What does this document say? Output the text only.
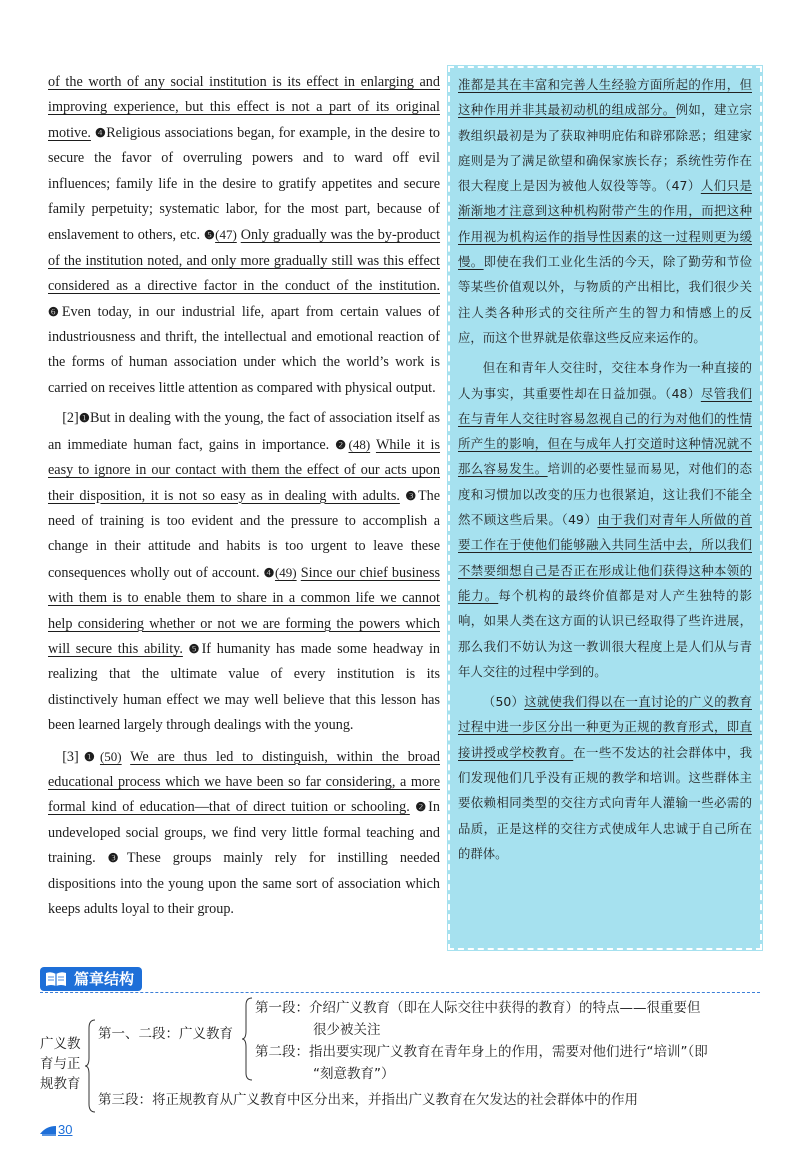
of the worth of any social institution is its effect in enlarging and improving experience, but this effect is not a part of its original motive. ❹Religious associations began, for example, in the desire to secure the favor of overruling powers and to ward off evil influences; family life in the desire to gratify appetites and secure family perpetuity; systematic labor, for the most part, because of enslavement to others, etc. ❺(47) Only gradually was the by-product of the institution noted, and only more gradually still was this effect considered as a directive factor in the conduct of the institution. ❻Even today, in our industrial life, apart from certain values of industriousness and thrift, the intellectual and emotional reaction of the forms of human association under which the world’s work is carried on receives little attention as compared with physical output.

 [2]❶But in dealing with the young, the fact of association itself as an immediate human fact, gains in importance. ❷(48) While it is easy to ignore in our contact with them the effect of our acts upon their disposition, it is not so easy as in dealing with adults. ❸The need of training is too evident and the pressure to accomplish a change in their attitude and habits is too urgent to leave these consequences wholly out of account. ❹(49) Since our chief business with them is to enable them to share in a common life we cannot help considering whether or not we are forming the powers which will secure this ability. ❺If humanity has made some headway in realizing that the ultimate value of every institution is its distinctively human effect we may well believe that this lesson has been learned largely through dealings with the young.

 [3]❶(50) We are thus led to distinguish, within the broad educational process which we have been so far considering, a more formal kind of education—that of direct tuition or schooling. ❷In undeveloped social groups, we find very little formal teaching and training. ❸These groups mainly rely for instilling needed dispositions into the young upon the same sort of association which keeps adults loyal to their group.

准都是其在丰富和完善人生经验方面所起的作用，但这种作用并非其最初动机的组成部分。例如，建立宗教组织最初是为了获取神明庇佑和辟邪除恶；组建家庭则是为了满足欲望和确保家族长存；系统性劳作在很大程度上是因为被他人奴役等等。（47）人们只是渐渐地才注意到这种机构附带产生的作用，而把这种作用视为机构运作的指导性因素的这一过程则更为缓慢。即使在我们工业化生活的今天，除了勤劳和节俭等某些价值观以外，与物质的产出相比，我们很少关注人类各种形式的交往所产生的智力和情感上的反应，而这个世界就是依靠这些反应来运作的。

但在和青年人交往时，交往本身作为一种直接的人为事实，其重要性却在日益加强。（48）尽管我们在与青年人交往时容易忽视自己的行为对他们的性情所产生的影响，但在与成年人打交道时这种情况就不那么容易发生。培训的必要性显而易见，对他们的态度和习惯加以改变的压力也很紧迫，这让我们不能全然不顾这些后果。（49）由于我们对青年人所做的首要工作在于使他们能够融入共同生活中去，所以我们不禁要细想自己是否正在形成让他们获得这种本领的能力。每个机构的最终价值都是对人产生独特的影响，如果人类在这方面的认识已经取得了些许进展，那么我们不妨认为这一教训很大程度上是人们从与青年人交往的过程中学到的。

（50）这就使我们得以在一直讨论的广义的教育过程中进一步区分出一种更为正规的教育形式，即直接讲授或学校教育。在一些不发达的社会群体中，我们发现他们几乎没有正规的教学和培训。这些群体主要依赖相同类型的交往方式向青年人灌输一些必需的品质，正是这样的交往方式使成年人忠诚于自己所在的群体。

篇章结构
广义教
育与正
规教育
第一、二段：广义教育
第一段：介绍广义教育（即在人际交往中获得的教育）的特点——很重要但
很少被关注
第二段：指出要实现广义教育在青年身上的作用，需要对他们进行“培训”（即
“刻意教育”）
第三段：将正规教育从广义教育中区分出来，并指出广义教育在欠发达的社会群体中的作用
30
